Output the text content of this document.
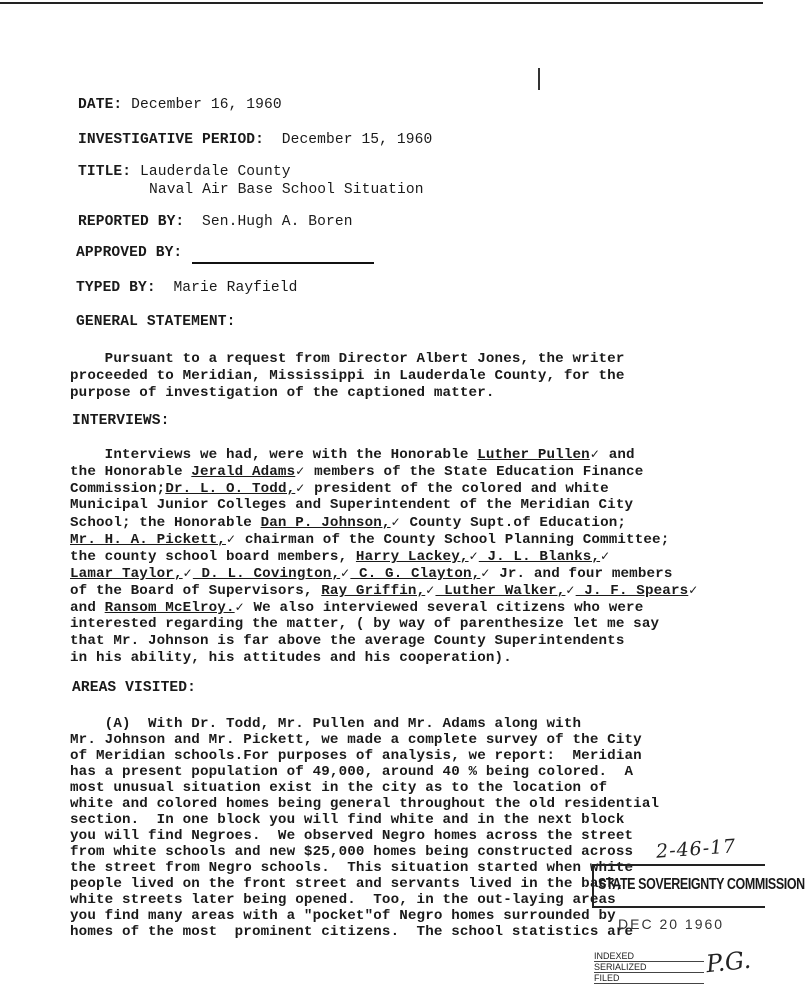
DATE: December 16, 1960
INVESTIGATIVE PERIOD: December 15, 1960
TITLE: Lauderdale County
Naval Air Base School Situation
REPORTED BY: Sen.Hugh A. Boren
APPROVED BY:
TYPED BY: Marie Rayfield
GENERAL STATEMENT:
Pursuant to a request from Director Albert Jones, the writer
proceeded to Meridian, Mississippi in Lauderdale County, for the
purpose of investigation of the captioned matter.
INTERVIEWS:
Interviews we had, were with the Honorable Luther Pullen✓ and
the Honorable Jerald Adams✓ members of the State Education Finance
Commission;Dr. L. O. Todd,✓ president of the colored and white
Municipal Junior Colleges and Superintendent of the Meridian City
School; the Honorable Dan P. Johnson,✓ County Supt.of Education;
Mr. H. A. Pickett,✓ chairman of the County School Planning Committee;
the county school board members, Harry Lackey,✓ J. L. Blanks,✓
Lamar Taylor,✓ D. L. Covington,✓ C. G. Clayton,✓ Jr. and four members
of the Board of Supervisors, Ray Griffin,✓ Luther Walker,✓ J. F. Spears✓
and Ransom McElroy.✓ We also interviewed several citizens who were
interested regarding the matter, ( by way of parenthesize let me say
that Mr. Johnson is far above the average County Superintendents
in his ability, his attitudes and his cooperation).
AREAS VISITED:
(A)  With Dr. Todd, Mr. Pullen and Mr. Adams along with
Mr. Johnson and Mr. Pickett, we made a complete survey of the City
of Meridian schools.For purposes of analysis, we report:  Meridian
has a present population of 49,000, around 40 % being colored.  A
most unusual situation exist in the city as to the location of
white and colored homes being general throughout the old residential
section.  In one block you will find white and in the next block
you will find Negroes.  We observed Negro homes across the street
from white schools and new $25,000 homes being constructed across
the street from Negro schools.  This situation started when white
people lived on the front street and servants lived in the back,
white streets later being opened.  Too, in the out-laying areas
you find many areas with a "pocket"of Negro homes surrounded by
homes of the most  prominent citizens.  The school statistics are
2-46-17
STATE SOVEREIGNTY COMMISSION
DEC 20 1960
INDEXED
SERIALIZED
FILED	P.G.
